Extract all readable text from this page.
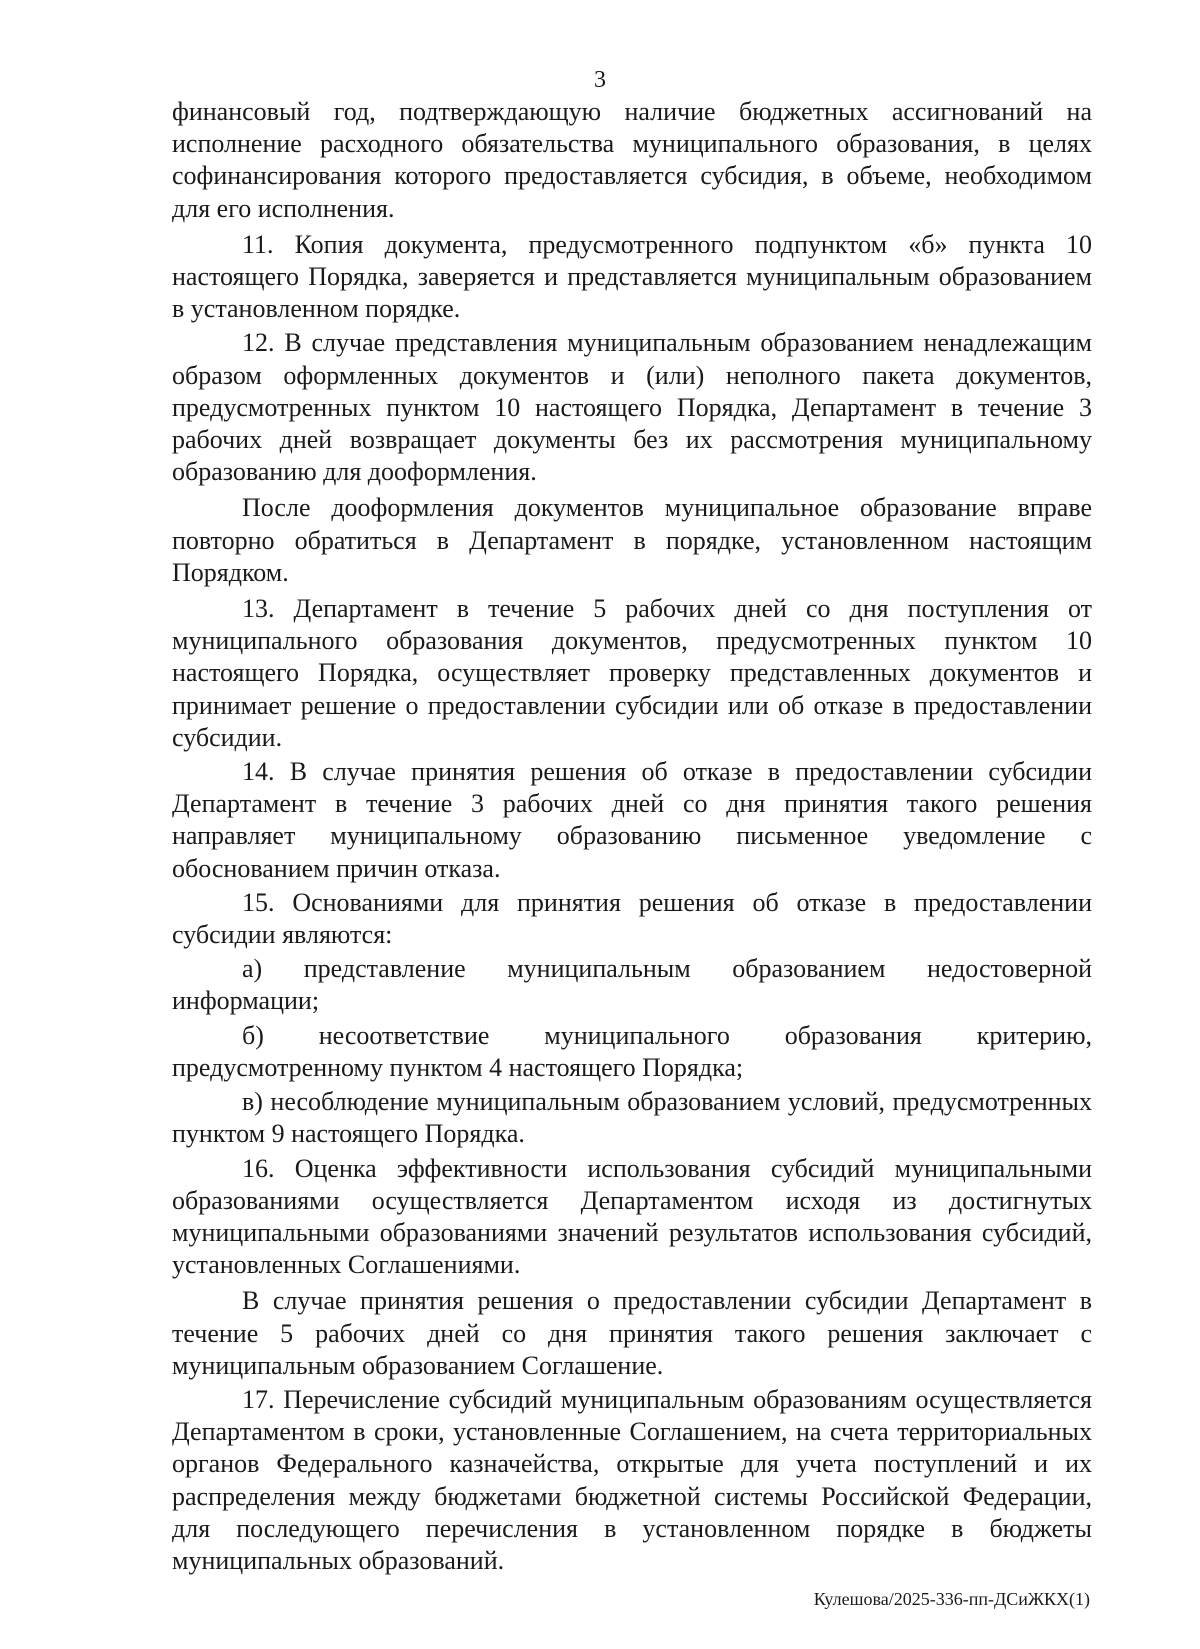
3

финансовый год, подтверждающую наличие бюджетных ассигнований на исполнение расходного обязательства муниципального образования, в целях софинансирования которого предоставляется субсидия, в объеме, необходимом для его исполнения.

11. Копия документа, предусмотренного подпунктом «б» пункта 10 настоящего Порядка, заверяется и представляется муниципальным образованием в установленном порядке.

12. В случае представления муниципальным образованием ненадлежащим образом оформленных документов и (или) неполного пакета документов, предусмотренных пунктом 10 настоящего Порядка, Департамент в течение 3 рабочих дней возвращает документы без их рассмотрения муниципальному образованию для дооформления.

После дооформления документов муниципальное образование вправе повторно обратиться в Департамент в порядке, установленном настоящим Порядком.

13. Департамент в течение 5 рабочих дней со дня поступления от муниципального образования документов, предусмотренных пунктом 10 настоящего Порядка, осуществляет проверку представленных документов и принимает решение о предоставлении субсидии или об отказе в предоставлении субсидии.

14. В случае принятия решения об отказе в предоставлении субсидии Департамент в течение 3 рабочих дней со дня принятия такого решения направляет муниципальному образованию письменное уведомление с обоснованием причин отказа.

15. Основаниями для принятия решения об отказе в предоставлении субсидии являются:

а) представление муниципальным образованием недостоверной информации;

б) несоответствие муниципального образования критерию, предусмотренному пунктом 4 настоящего Порядка;

в) несоблюдение муниципальным образованием условий, предусмотренных пунктом 9 настоящего Порядка.

16. Оценка эффективности использования субсидий муниципальными образованиями осуществляется Департаментом исходя из достигнутых муниципальными образованиями значений результатов использования субсидий, установленных Соглашениями.

В случае принятия решения о предоставлении субсидии Департамент в течение 5 рабочих дней со дня принятия такого решения заключает с муниципальным образованием Соглашение.

17. Перечисление субсидий муниципальным образованиям осуществляется Департаментом в сроки, установленные Соглашением, на счета территориальных органов Федерального казначейства, открытые для учета поступлений и их распределения между бюджетами бюджетной системы Российской Федерации, для последующего перечисления в установленном порядке в бюджеты муниципальных образований.

Кулешова/2025-336-пп-ДСиЖКХ(1)
